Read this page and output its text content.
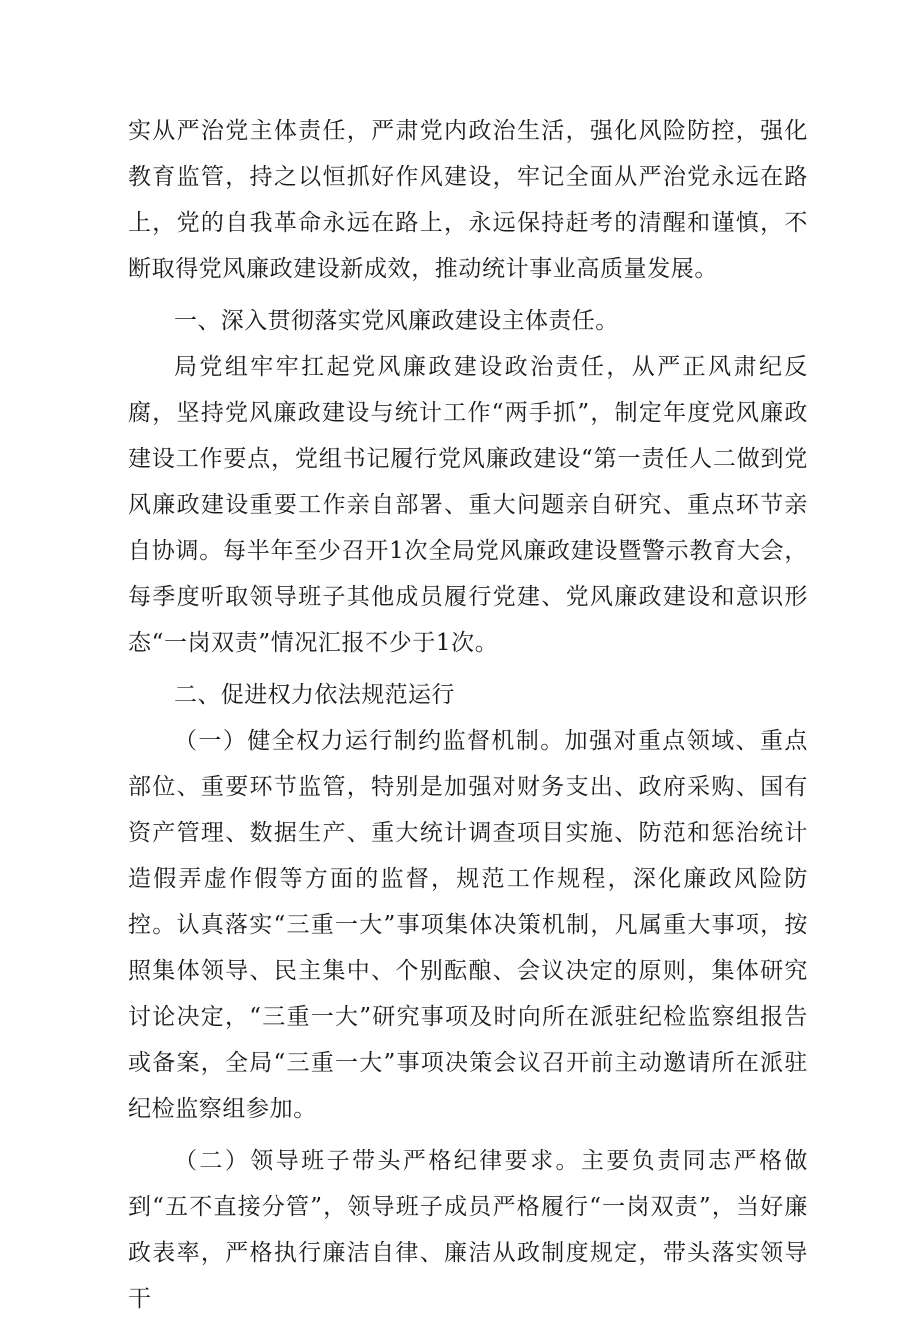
实从严治党主体责任，严肃党内政治生活，强化风险防控，强化教育监管，持之以恒抓好作风建设，牢记全面从严治党永远在路上，党的自我革命永远在路上，永远保持赶考的清醒和谨慎，不断取得党风廉政建设新成效，推动统计事业高质量发展。

一、深入贯彻落实党风廉政建设主体责任。

局党组牢牢扛起党风廉政建设政治责任，从严正风肃纪反腐，坚持党风廉政建设与统计工作“两手抓”，制定年度党风廉政建设工作要点，党组书记履行党风廉政建设“第一责任人二做到党风廉政建设重要工作亲自部署、重大问题亲自研究、重点环节亲自协调。每半年至少召开1次全局党风廉政建设暨警示教育大会，每季度听取领导班子其他成员履行党建、党风廉政建设和意识形态“一岗双责”情况汇报不少于1次。

二、促进权力依法规范运行

（一）健全权力运行制约监督机制。加强对重点领域、重点部位、重要环节监管，特别是加强对财务支出、政府采购、国有资产管理、数据生产、重大统计调查项目实施、防范和惩治统计造假弄虚作假等方面的监督，规范工作规程，深化廉政风险防控。认真落实“三重一大”事项集体决策机制，凡属重大事项，按照集体领导、民主集中、个别酝酿、会议决定的原则，集体研究讨论决定，“三重一大”研究事项及时向所在派驻纪检监察组报告或备案，全局“三重一大”事项决策会议召开前主动邀请所在派驻纪检监察组参加。

（二）领导班子带头严格纪律要求。主要负责同志严格做到“五不直接分管”，领导班子成员严格履行“一岗双责”，当好廉政表率，严格执行廉洁自律、廉洁从政制度规定，带头落实领导干
